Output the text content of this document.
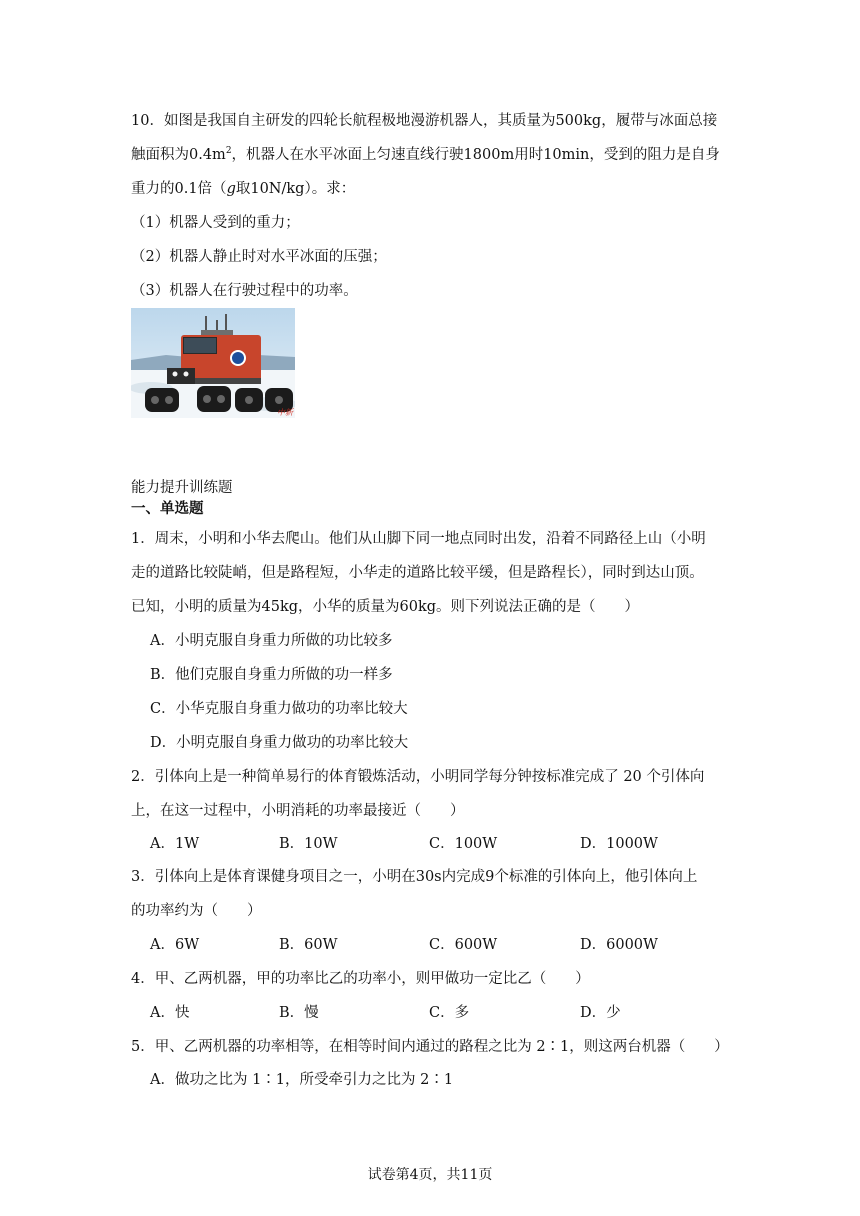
10．如图是我国自主研发的四轮长航程极地漫游机器人，其质量为500kg，履带与冰面总接
触面积为$0.4m^2$，机器人在水平冰面上匀速直线行驶1800m用时10min，受到的阻力是自身
重力的0.1倍（g取10N/kg）。求：
（1）机器人受到的重力；
（2）机器人静止时对水平冰面的压强；
（3）机器人在行驶过程中的功率。
中新
能力提升训练题
一、单选题
1．周末，小明和小华去爬山。他们从山脚下同一地点同时出发，沿着不同路径上山（小明
走的道路比较陡峭，但是路程短，小华走的道路比较平缓，但是路程长），同时到达山顶。
已知，小明的质量为45kg，小华的质量为60kg。则下列说法正确的是（　　）
A．小明克服自身重力所做的功比较多
B．他们克服自身重力所做的功一样多
C．小华克服自身重力做功的功率比较大
D．小明克服自身重力做功的功率比较大
2．引体向上是一种简单易行的体育锻炼活动，小明同学每分钟按标准完成了 20 个引体向
上，在这一过程中，小明消耗的功率最接近（　　）
A．1W	B．10W	C．100W	D．1000W
3．引体向上是体育课健身项目之一，小明在30s内完成9个标准的引体向上，他引体向上
的功率约为（　　）
A．6W	B．60W	C．600W	D．6000W
4．甲、乙两机器，甲的功率比乙的功率小，则甲做功一定比乙（　　）
A．快	B．慢	C．多	D．少
5．甲、乙两机器的功率相等，在相等时间内通过的路程之比为 2∶1，则这两台机器（　　）
A．做功之比为 1∶1，所受牵引力之比为 2∶1
试卷第4页，共11页
